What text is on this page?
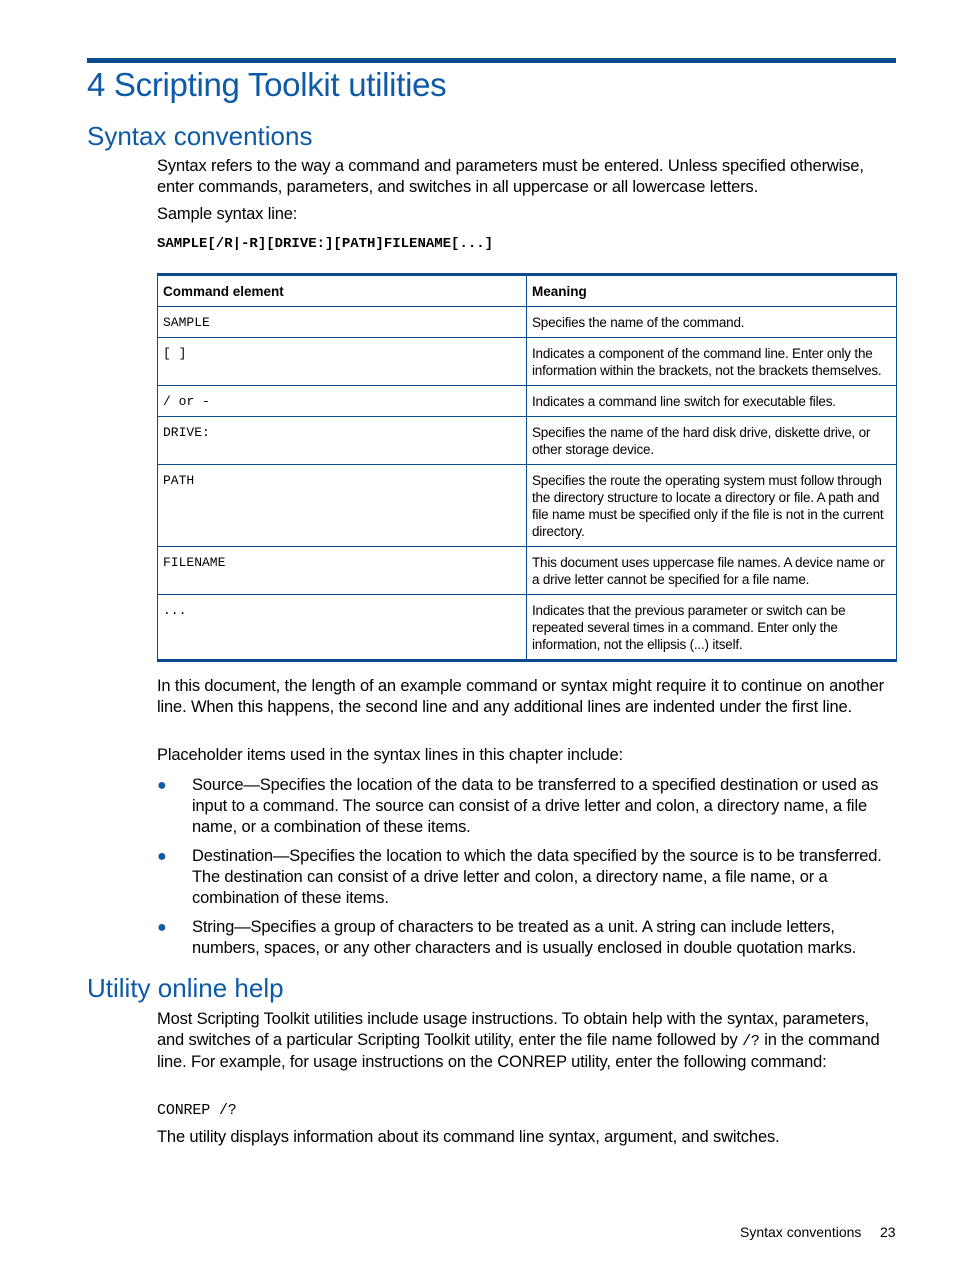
4 Scripting Toolkit utilities
Syntax conventions

Syntax refers to the way a command and parameters must be entered. Unless specified otherwise, enter commands, parameters, and switches in all uppercase or all lowercase letters.

Sample syntax line:

SAMPLE[/R|-R][DRIVE:][PATH]FILENAME[...]
Command element	Meaning
SAMPLE	Specifies the name of the command.
[ ]	Indicates a component of the command line. Enter only the information within the brackets, not the brackets themselves.
/ or -	Indicates a command line switch for executable files.
DRIVE:	Specifies the name of the hard disk drive, diskette drive, or other storage device.
PATH	Specifies the route the operating system must follow through the directory structure to locate a directory or file. A path and file name must be specified only if the file is not in the current directory.
FILENAME	This document uses uppercase file names. A device name or a drive letter cannot be specified for a file name.
...	Indicates that the previous parameter or switch can be repeated several times in a command. Enter only the information, not the ellipsis (...) itself.

In this document, the length of an example command or syntax might require it to continue on another line. When this happens, the second line and any additional lines are indented under the first line.

Placeholder items used in the syntax lines in this chapter include:

● Source—Specifies the location of the data to be transferred to a specified destination or used as input to a command. The source can consist of a drive letter and colon, a directory name, a file name, or a combination of these items.
● Destination—Specifies the location to which the data specified by the source is to be transferred. The destination can consist of a drive letter and colon, a directory name, a file name, or a combination of these items.
● String—Specifies a group of characters to be treated as a unit. A string can include letters, numbers, spaces, or any other characters and is usually enclosed in double quotation marks.
Utility online help

Most Scripting Toolkit utilities include usage instructions. To obtain help with the syntax, parameters, and switches of a particular Scripting Toolkit utility, enter the file name followed by /? in the command line. For example, for usage instructions on the CONREP utility, enter the following command:

CONREP /?

The utility displays information about its command line syntax, argument, and switches.

Syntax conventions 23
